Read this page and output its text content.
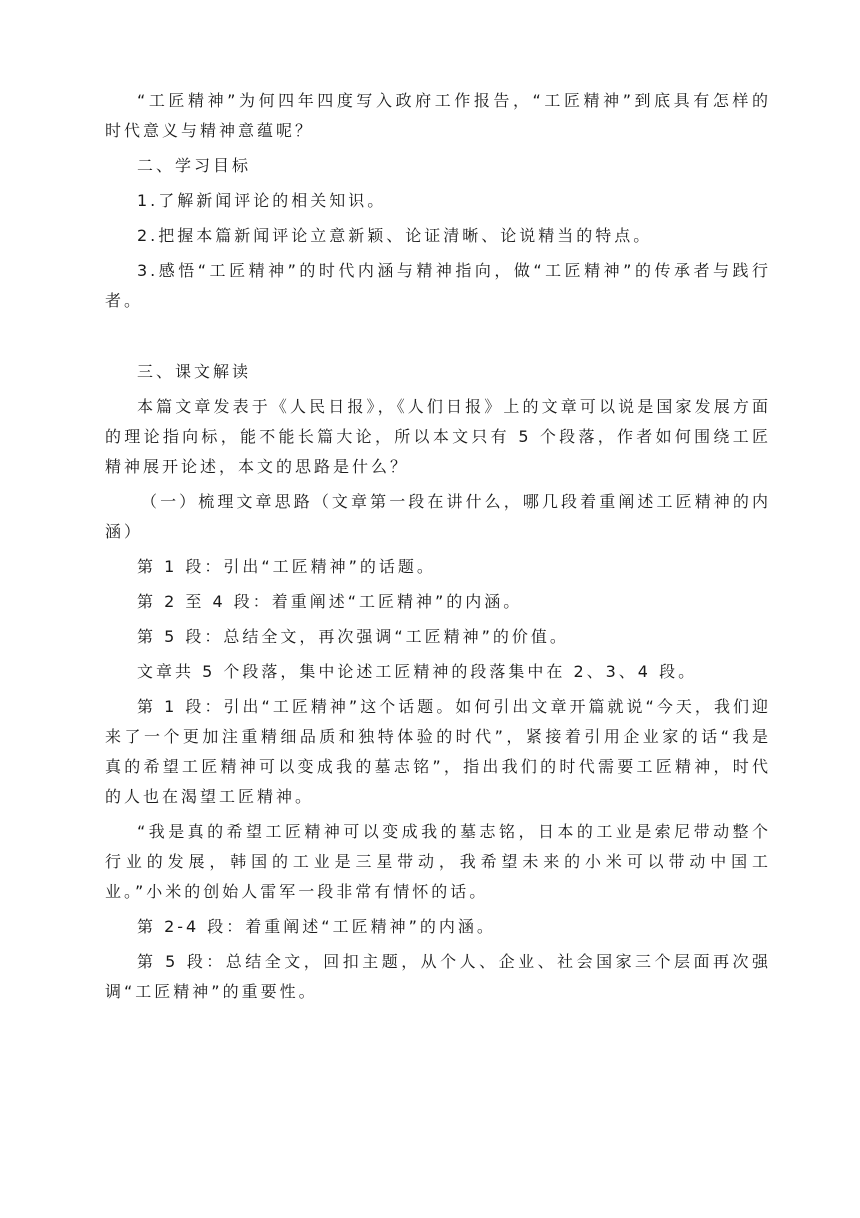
“工匠精神”为何四年四度写入政府工作报告，“工匠精神”到底具有怎样的时代意义与精神意蕴呢？

二、学习目标

1.了解新闻评论的相关知识。

2.把握本篇新闻评论立意新颖、论证清晰、论说精当的特点。

3.感悟“工匠精神”的时代内涵与精神指向，做“工匠精神”的传承者与践行者。

三、课文解读

本篇文章发表于《人民日报》，《人们日报》上的文章可以说是国家发展方面的理论指向标，能不能长篇大论，所以本文只有 5 个段落，作者如何围绕工匠精神展开论述，本文的思路是什么？

（一）梳理文章思路（文章第一段在讲什么，哪几段着重阐述工匠精神的内涵）

第 1 段：引出“工匠精神”的话题。

第 2 至 4 段：着重阐述“工匠精神”的内涵。

第 5 段：总结全文，再次强调“工匠精神”的价值。

文章共 5 个段落，集中论述工匠精神的段落集中在 2、3、4 段。

第 1 段：引出“工匠精神”这个话题。如何引出文章开篇就说“今天，我们迎来了一个更加注重精细品质和独特体验的时代”，紧接着引用企业家的话“我是真的希望工匠精神可以变成我的墓志铭”，指出我们的时代需要工匠精神，时代的人也在渴望工匠精神。

“我是真的希望工匠精神可以变成我的墓志铭，日本的工业是索尼带动整个行业的发展，韩国的工业是三星带动，我希望未来的小米可以带动中国工业。”小米的创始人雷军一段非常有情怀的话。

第 2-4 段：着重阐述“工匠精神”的内涵。

第 5 段：总结全文，回扣主题，从个人、企业、社会国家三个层面再次强调“工匠精神”的重要性。
